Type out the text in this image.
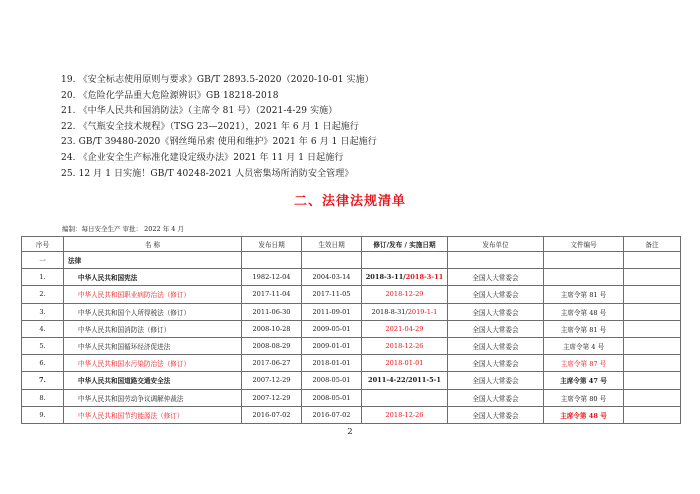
19. 《安全标志使用原则与要求》GB/T 2893.5-2020（2020-10-01 实施）
20. 《危险化学品重大危险源辨识》GB 18218-2018
21. 《中华人民共和国消防法》（主席令 81 号）（2021-4-29 实施）
22. 《气瓶安全技术规程》（TSG 23—2021），2021 年 6 月 1 日起施行
23. GB/T 39480-2020《钢丝绳吊索 使用和维护》2021 年 6 月 1 日起施行
24. 《企业安全生产标准化建设定级办法》2021 年 11 月 1 日起施行
25. 12 月 1 日实施！GB/T 40248-2021 人员密集场所消防安全管理》
二、法律法规清单
编制：每日安全生产 审批： 2022 年 4 月
序号	名 称	发布日期	生效日期	修订/发布 / 实施日期	发布单位	文件编号	备注
一	法律						
1.	中华人民共和国宪法	1982-12-04	2004-03-14	2018-3-11/2018-3-11	全国人大常委会		
2.	中华人民共和国职业病防治法（修订）	2017-11-04	2017-11-05	2018-12-29	全国人大常委会	主席令第 81 号	
3.	中华人民共和国个人所得税法（修订）	2011-06-30	2011-09-01	2018-8-31/2019-1-1	全国人大常委会	主席令第 48 号	
4.	中华人民共和国消防法（修订）	2008-10-28	2009-05-01	2021-04-29	全国人大常委会	主席令第 81 号	
5.	中华人民共和国循环经济促进法	2008-08-29	2009-01-01	2018-12-26	全国人大常委会	主席令第 4 号	
6.	中华人民共和国水污染防治法（修订）	2017-06-27	2018-01-01	2018-01-01	全国人大常委会	主席令第 87 号	
7.	中华人民共和国道路交通安全法	2007-12-29	2008-05-01	2011-4-22/2011-5-1	全国人大常委会	主席令第 47 号	
8.	中华人民共和国劳动争议调解仲裁法	2007-12-29	2008-05-01		全国人大常委会	主席令第 80 号	
9.	中华人民共和国节约能源法（修订）	2016-07-02	2016-07-02	2018-12-26	全国人大常委会	主席令第 48 号	
2
